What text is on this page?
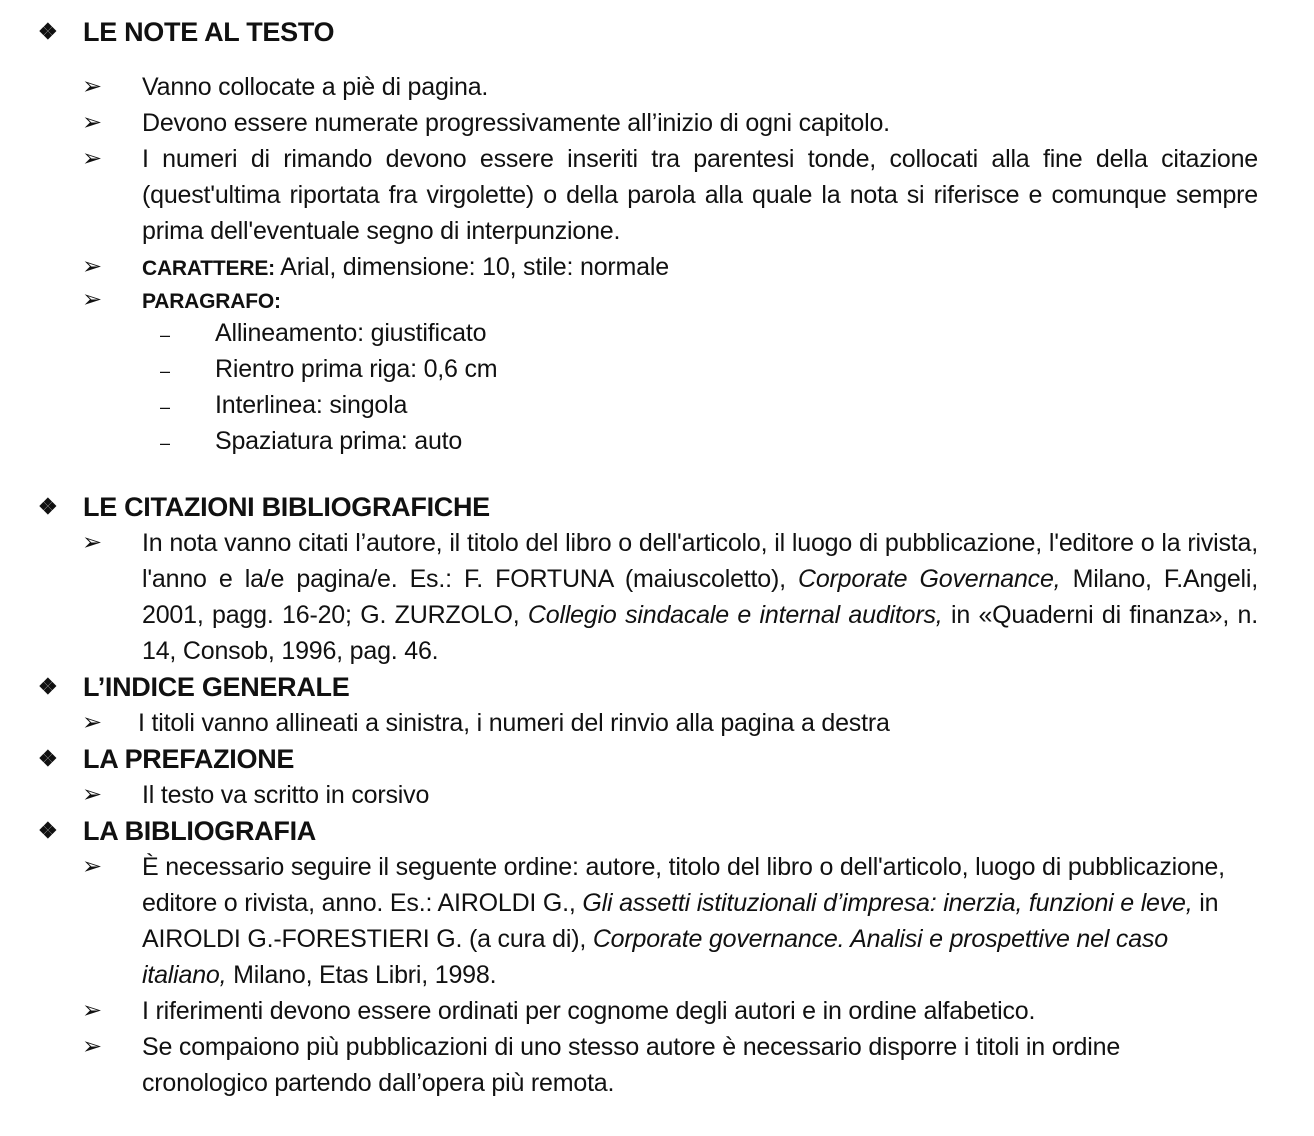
❖ LE NOTE AL TESTO
➢ Vanno collocate a piè di pagina.
➢ Devono essere numerate progressivamente all’inizio di ogni capitolo.
➢ I numeri di rimando devono essere inseriti tra parentesi tonde, collocati alla fine della citazione (quest'ultima riportata fra virgolette) o della parola alla quale la nota si riferisce e comunque sempre prima dell'eventuale segno di interpunzione.
➢ CARATTERE: Arial, dimensione: 10, stile: normale
➢ PARAGRAFO:
– Allineamento: giustificato
– Rientro prima riga: 0,6 cm
– Interlinea: singola
– Spaziatura prima: auto
❖ LE CITAZIONI BIBLIOGRAFICHE
➢ In nota vanno citati l’autore, il titolo del libro o dell'articolo, il luogo di pubblicazione, l'editore o la rivista, l'anno e la/e pagina/e. Es.: F. FORTUNA (maiuscoletto), Corporate Governance, Milano, F.Angeli, 2001, pagg. 16-20; G. ZURZOLO, Collegio sindacale e internal auditors, in «Quaderni di finanza», n. 14, Consob, 1996, pag. 46.
❖ L’INDICE GENERALE
➢ I titoli vanno allineati a sinistra, i numeri del rinvio alla pagina a destra
❖ LA PREFAZIONE
➢ Il testo va scritto in corsivo
❖ LA BIBLIOGRAFIA
➢ È necessario seguire il seguente ordine: autore, titolo del libro o dell'articolo, luogo di pubblicazione, editore o rivista, anno. Es.: AIROLDI G., Gli assetti istituzionali d’impresa: inerzia, funzioni e leve, in AIROLDI G.-FORESTIERI G. (a cura di), Corporate governance. Analisi e prospettive nel caso italiano, Milano, Etas Libri, 1998.
➢ I riferimenti devono essere ordinati per cognome degli autori e in ordine alfabetico.
➢ Se compaiono più pubblicazioni di uno stesso autore è necessario disporre i titoli in ordine cronologico partendo dall’opera più remota.
